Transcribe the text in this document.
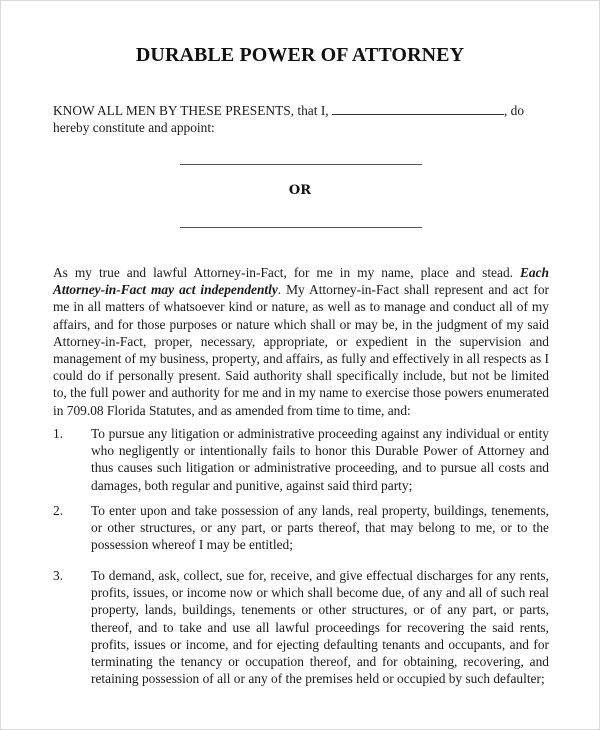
DURABLE POWER OF ATTORNEY
KNOW ALL MEN BY THESE PRESENTS, that I,	, do hereby constitute and appoint:
OR
As my true and lawful Attorney-in-Fact, for me in my name, place and stead. Each Attorney-in-Fact may act independently. My Attorney-in-Fact shall represent and act for me in all matters of whatsoever kind or nature, as well as to manage and conduct all of my affairs, and for those purposes or nature which shall or may be, in the judgment of my said Attorney-in-Fact, proper, necessary, appropriate, or expedient in the supervision and management of my business, property, and affairs, as fully and effectively in all respects as I could do if personally present. Said authority shall specifically include, but not be limited to, the full power and authority for me and in my name to exercise those powers enumerated in 709.08 Florida Statutes, and as amended from time to time, and:
1.	To pursue any litigation or administrative proceeding against any individual or entity who negligently or intentionally fails to honor this Durable Power of Attorney and thus causes such litigation or administrative proceeding, and to pursue all costs and damages, both regular and punitive, against said third party;
2.	To enter upon and take possession of any lands, real property, buildings, tenements, or other structures, or any part, or parts thereof, that may belong to me, or to the possession whereof I may be entitled;
3.	To demand, ask, collect, sue for, receive, and give effectual discharges for any rents, profits, issues, or income now or which shall become due, of any and all of such real property, lands, buildings, tenements or other structures, or of any part, or parts, thereof, and to take and use all lawful proceedings for recovering the said rents, profits, issues or income, and for ejecting defaulting tenants and occupants, and for terminating the tenancy or occupation thereof, and for obtaining, recovering, and retaining possession of all or any of the premises held or occupied by such defaulter;
